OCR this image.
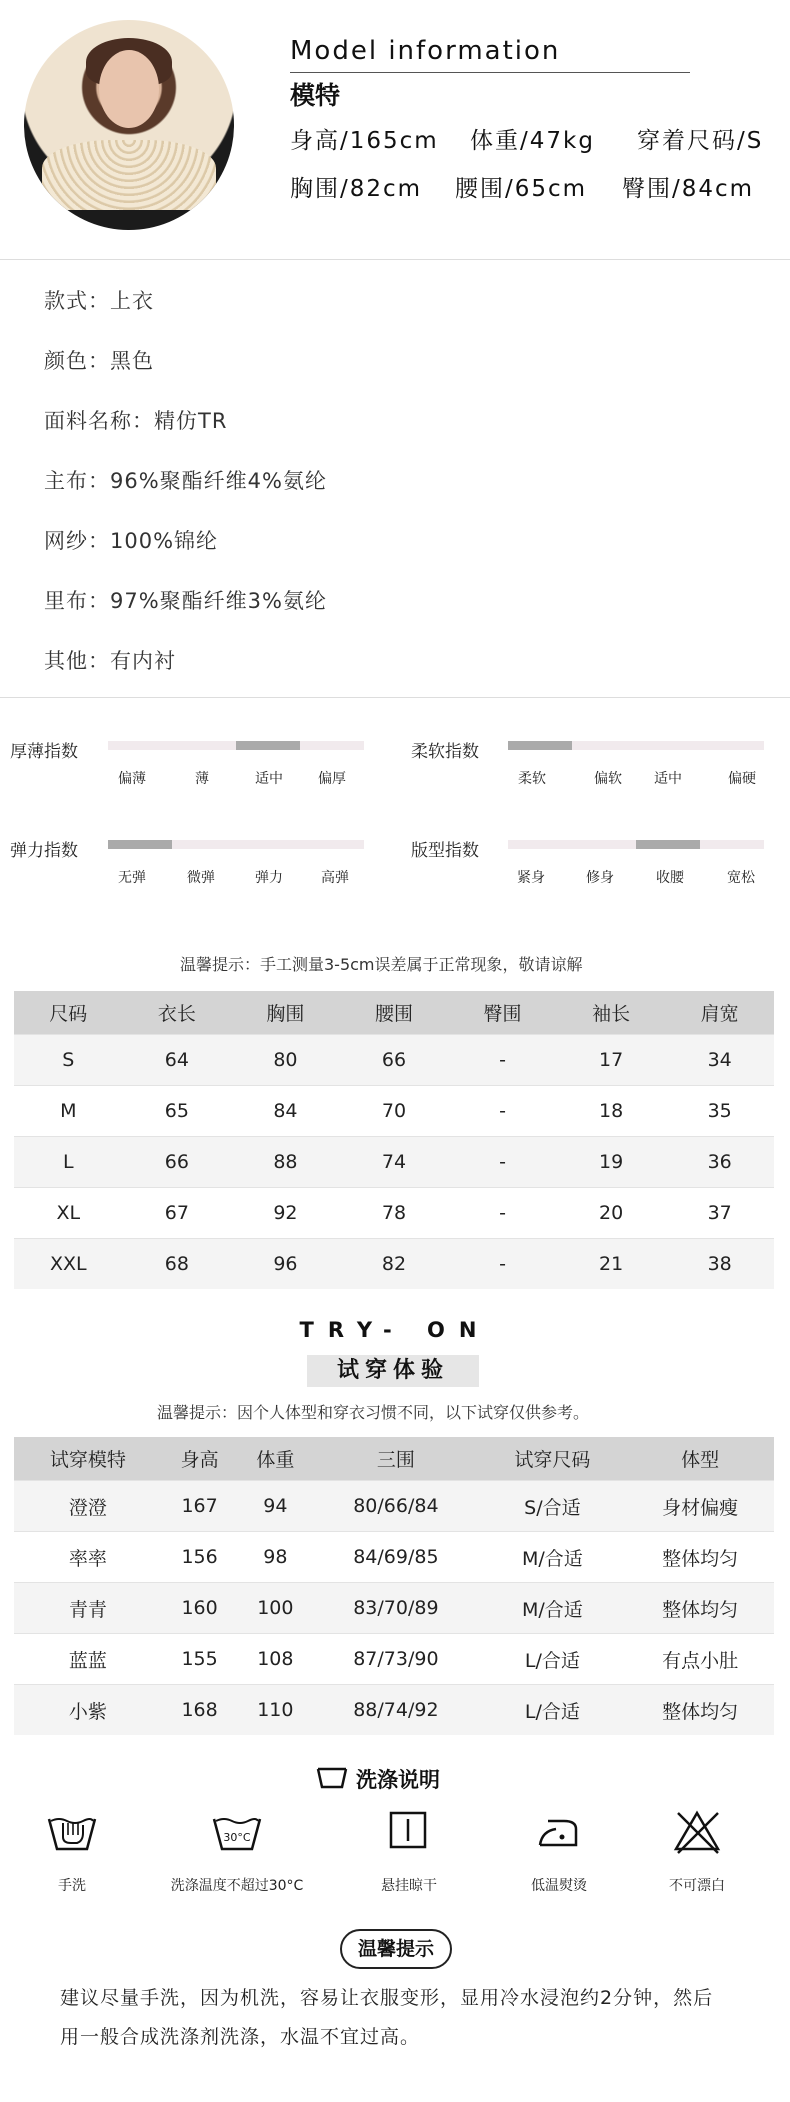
Model information
模特
身高/165cm 体重/47kg 穿着尺码/S
胸围/82cm 腰围/65cm 臀围/84cm
款式：上衣
颜色：黑色
面料名称：精仿TR
主布：96%聚酯纤维4%氨纶
网纱：100%锦纶
里布：97%聚酯纤维3%氨纶
其他：有内衬
厚薄指数
偏薄	薄	适中	偏厚
柔软指数
柔软	偏软 适中	偏硬
弹力指数
无弹	微弹	弹力	高弹
版型指数
紧身	修身	收腰	宽松
温馨提示：手工测量3-5cm误差属于正常现象，敬请谅解
尺码	衣长	胸围	腰围	臀围	袖长	肩宽
S	64	80	66	-	17	34
M	65	84	70	-	18	35
L	66	88	74	-	19	36
XL	67	92	78	-	20	37
XXL	68	96	82	-	21	38
TRY- ON
试穿体验
温馨提示：因个人体型和穿衣习惯不同，以下试穿仅供参考。
试穿模特	身高	体重	三围	试穿尺码	体型
澄澄	167	94	80/66/84	S/合适	身材偏瘦
率率	156	98	84/69/85	M/合适	整体均匀
青青	160	100	83/70/89	M/合适	整体均匀
蓝蓝	155	108	87/73/90	L/合适	有点小肚
小紫	168	110	88/74/92	L/合适	整体均匀
洗涤说明
手洗
30°C
洗涤温度不超过30°C	悬挂晾干	低温熨烫	不可漂白
温馨提示
建议尽量手洗，因为机洗，容易让衣服变形，显用冷水浸泡约2分钟，然后
用一般合成洗涤剂洗涤，水温不宜过高。
